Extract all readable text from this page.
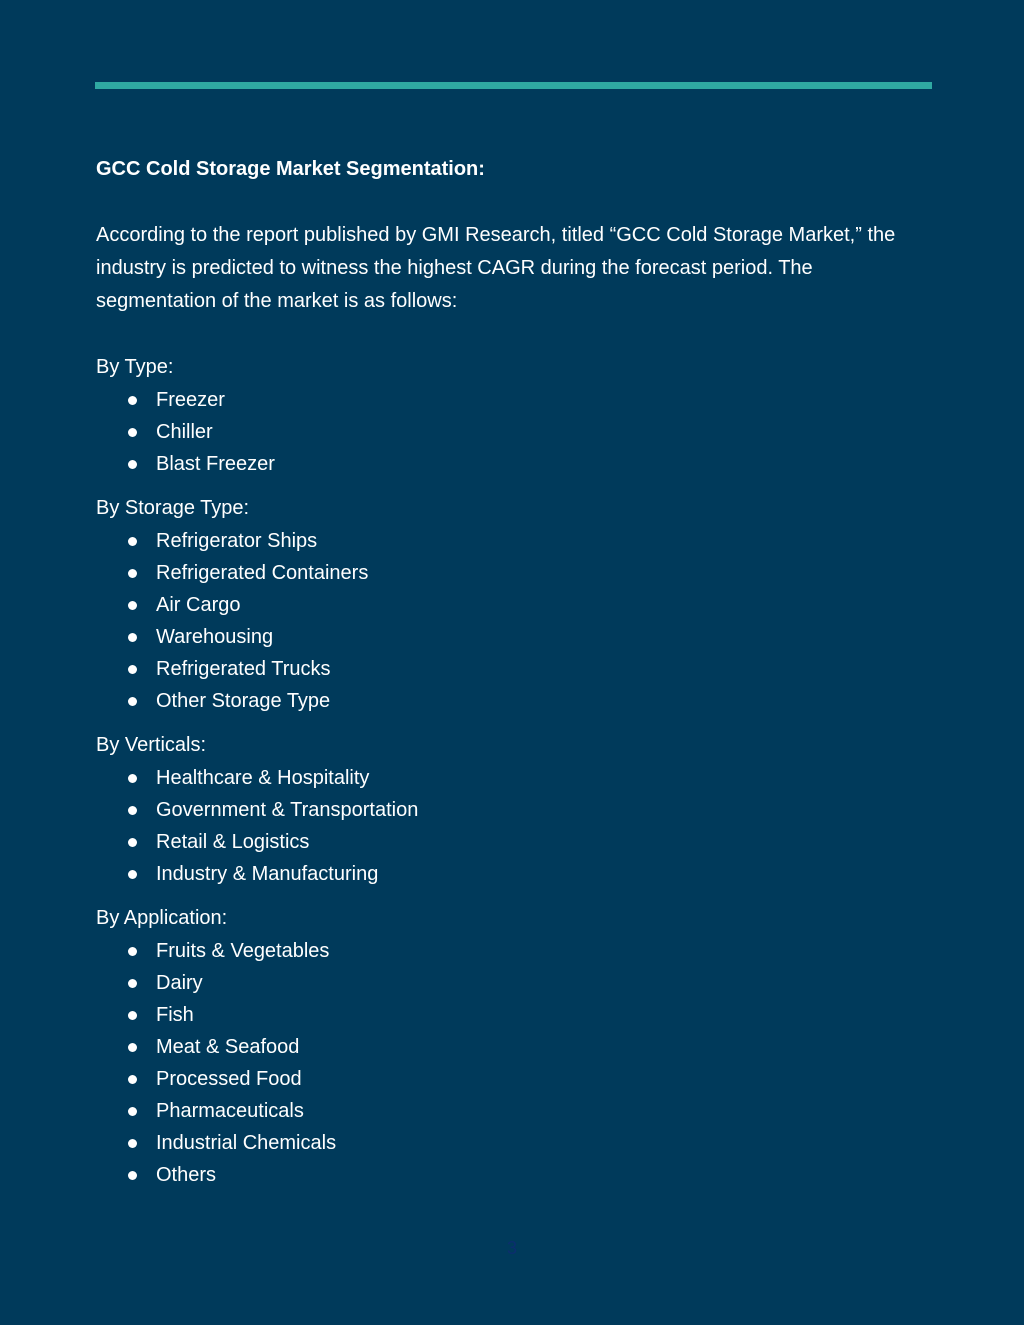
GCC Cold Storage Market Segmentation:

According to the report published by GMI Research, titled “GCC Cold Storage Market,” the industry is predicted to witness the highest CAGR during the forecast period. The segmentation of the market is as follows:

By Type:

Freezer
Chiller
Blast Freezer

By Storage Type:

Refrigerator Ships
Refrigerated Containers
Air Cargo
Warehousing
Refrigerated Trucks
Other Storage Type

By Verticals:

Healthcare & Hospitality
Government & Transportation
Retail & Logistics
Industry & Manufacturing

By Application:

Fruits & Vegetables
Dairy
Fish
Meat & Seafood
Processed Food
Pharmaceuticals
Industrial Chemicals
Others
3
